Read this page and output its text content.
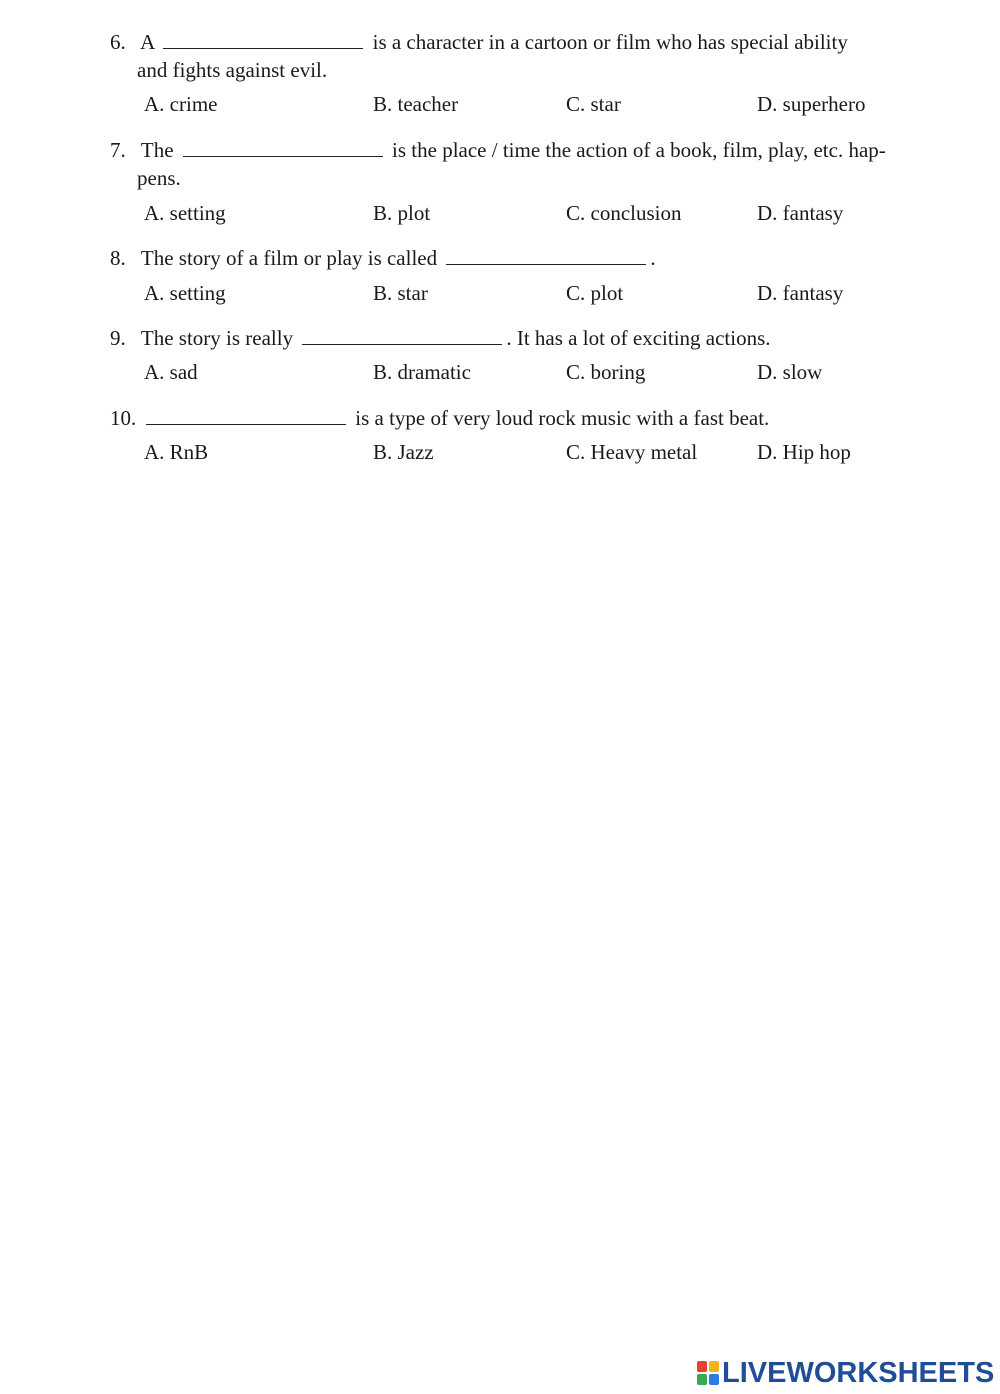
6. A	is a character in a cartoon or film who has special ability
and fights against evil.
A. crime	B. teacher	C. star	D. superhero
7. The	is the place / time the action of a book, film, play, etc. hap-
pens.
A. setting	B. plot	C. conclusion	D. fantasy
8. The story of a film or play is called	.
A. setting	B. star	C. plot	D. fantasy
9. The story is really	. It has a lot of exciting actions.
A. sad	B. dramatic	C. boring	D. slow
10.	is a type of very loud rock music with a fast beat.
A. RnB	B. Jazz	C. Heavy metal	D. Hip hop
LIVEWORKSHEETS
